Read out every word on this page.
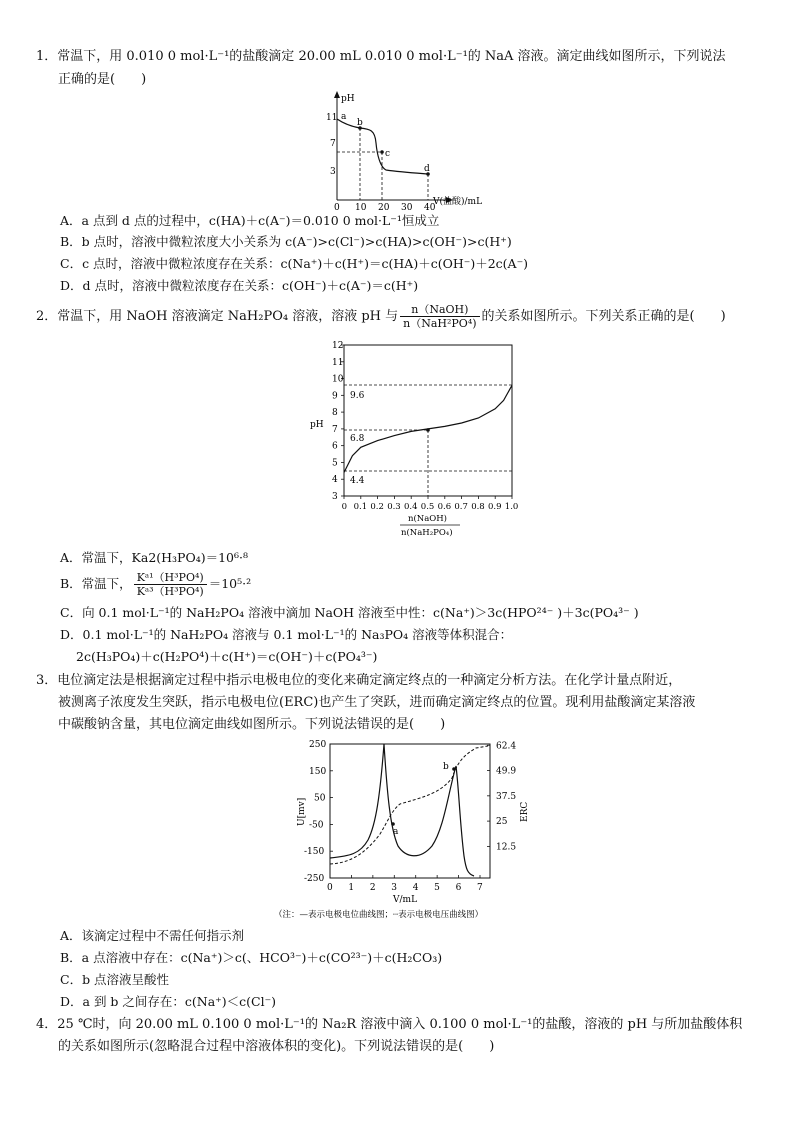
1．常温下，用 0.010 0 mol·L⁻¹的盐酸滴定 20.00 mL 0.010 0 mol·L⁻¹的 NaA 溶液。滴定曲线如图所示，下列说法
正确的是(　　)
pH
V(盐酸)/mL
11
7
3
0 10 20 30 40
a
b
c
d
A．a 点到 d 点的过程中，c(HA)＋c(A⁻)＝0.010 0 mol·L⁻¹恒成立
B．b 点时，溶液中微粒浓度大小关系为 c(A⁻)>c(Cl⁻)>c(HA)>c(OH⁻)>c(H⁺)
C．c 点时，溶液中微粒浓度存在关系：c(Na⁺)＋c(H⁺)＝c(HA)＋c(OH⁻)＋2c(A⁻)
D．d 点时，溶液中微粒浓度存在关系：c(OH⁻)＋c(A⁻)＝c(H⁺)
2．常温下，用 NaOH 溶液滴定 NaH₂PO₄ 溶液，溶液 pH 与 $\frac{\text{n（NaOH)}}{\text{n（NaH²PO⁴)}}$ 的关系如图所示。下列关系正确的是(　　)
3
4
5
6
7
8
9
10
11
12
0 0.1 0.2 0.3 0.4 0.5 0.6 0.7 0.8 0.9 1.0
pH
9.6
6.8
4.4
n(NaOH)
n(NaH₂PO₄)
A．常温下，Ka2(H₃PO₄)＝10⁶·⁸
B．常温下， $\frac{\text{Kᵃ¹（H³PO⁴)}}{\text{Kᵃ³（H³PO⁴)}} =10^5\cdot^2$
C．向 0.1 mol·L⁻¹的 NaH₂PO₄ 溶液中滴加 NaOH 溶液至中性：c(Na⁺)＞3c(HPO²⁴⁻ )＋3c(PO₄³⁻ )
D．0.1 mol·L⁻¹的 NaH₂PO₄ 溶液与 0.1 mol·L⁻¹的 Na₃PO₄ 溶液等体积混合：
2c(H₃PO₄)＋c(H₂PO⁴)＋c(H⁺)＝c(OH⁻)＋c(PO₄³⁻)
3．电位滴定法是根据滴定过程中指示电极电位的变化来确定滴定终点的一种滴定分析方法。在化学计量点附近，
被测离子浓度发生突跃，指示电极电位(ERC)也产生了突跃，进而确定滴定终点的位置。现利用盐酸滴定某溶液
中碳酸钠含量，其电位滴定曲线如图所示。下列说法错误的是(　　)
250
150
50
-50
-150
-250
62.4
49.9
37.5
25
12.5
0 1 2 3 4 5 6 7
U[mv]	ERC
V/mL
a
b
（注：—表示电极电位曲线图；┈表示电极电压曲线图）
A．该滴定过程中不需任何指示剂
B．a 点溶液中存在：c(Na⁺)＞c(、HCO³⁻)＋c(CO²³⁻)＋c(H₂CO₃)
C．b 点溶液呈酸性
D．a 到 b 之间存在：c(Na⁺)＜c(Cl⁻)
4．25 ℃时，向 20.00 mL 0.100 0 mol·L⁻¹的 Na₂R 溶液中滴入 0.100 0 mol·L⁻¹的盐酸，溶液的 pH 与所加盐酸体积
的关系如图所示(忽略混合过程中溶液体积的变化)。下列说法错误的是(　　)
